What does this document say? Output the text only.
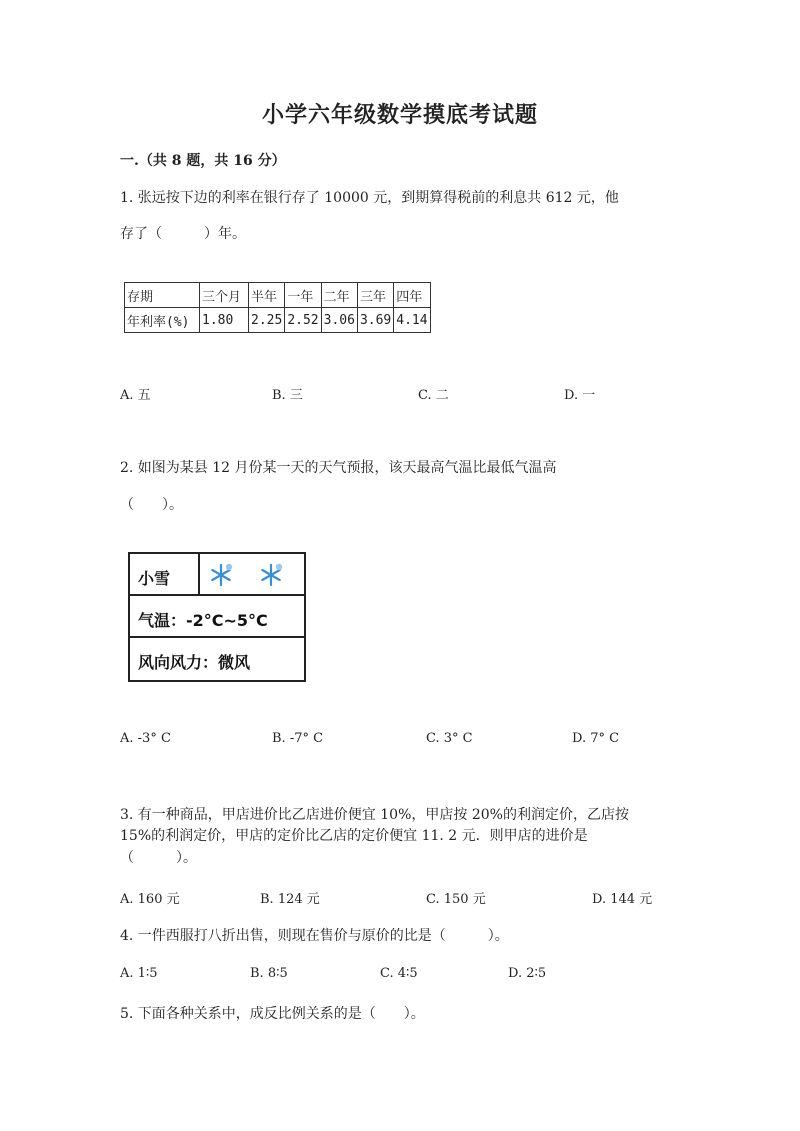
小学六年级数学摸底考试题
一.（共 8 题，共 16 分）
1. 张远按下边的利率在银行存了 10000 元，到期算得税前的利息共 612 元，他
存了（　　　）年。
存期	三个月	半年	一年	二年	三年	四年
年利率(%)	1.80	2.25	2.52	3.06	3.69	4.14
A. 五	B. 三	C. 二	D. 一
2. 如图为某县 12 月份某一天的天气预报，该天最高气温比最低气温高
（　　）。
小雪
气温：-2°C~5°C
风向风力：微风
A. -3° C	B. -7° C	C. 3° C	D. 7° C
3. 有一种商品，甲店进价比乙店进价便宜 10%，甲店按 20%的利润定价，乙店按
15%的利润定价，甲店的定价比乙店的定价便宜 11. 2 元．则甲店的进价是
（　　　）。
A. 160 元	B. 124 元	C. 150 元	D. 144 元
4. 一件西服打八折出售，则现在售价与原价的比是（　　　）。
A. 1∶5	B. 8∶5	C. 4∶5	D. 2∶5
5. 下面各种关系中，成反比例关系的是（　　）。
